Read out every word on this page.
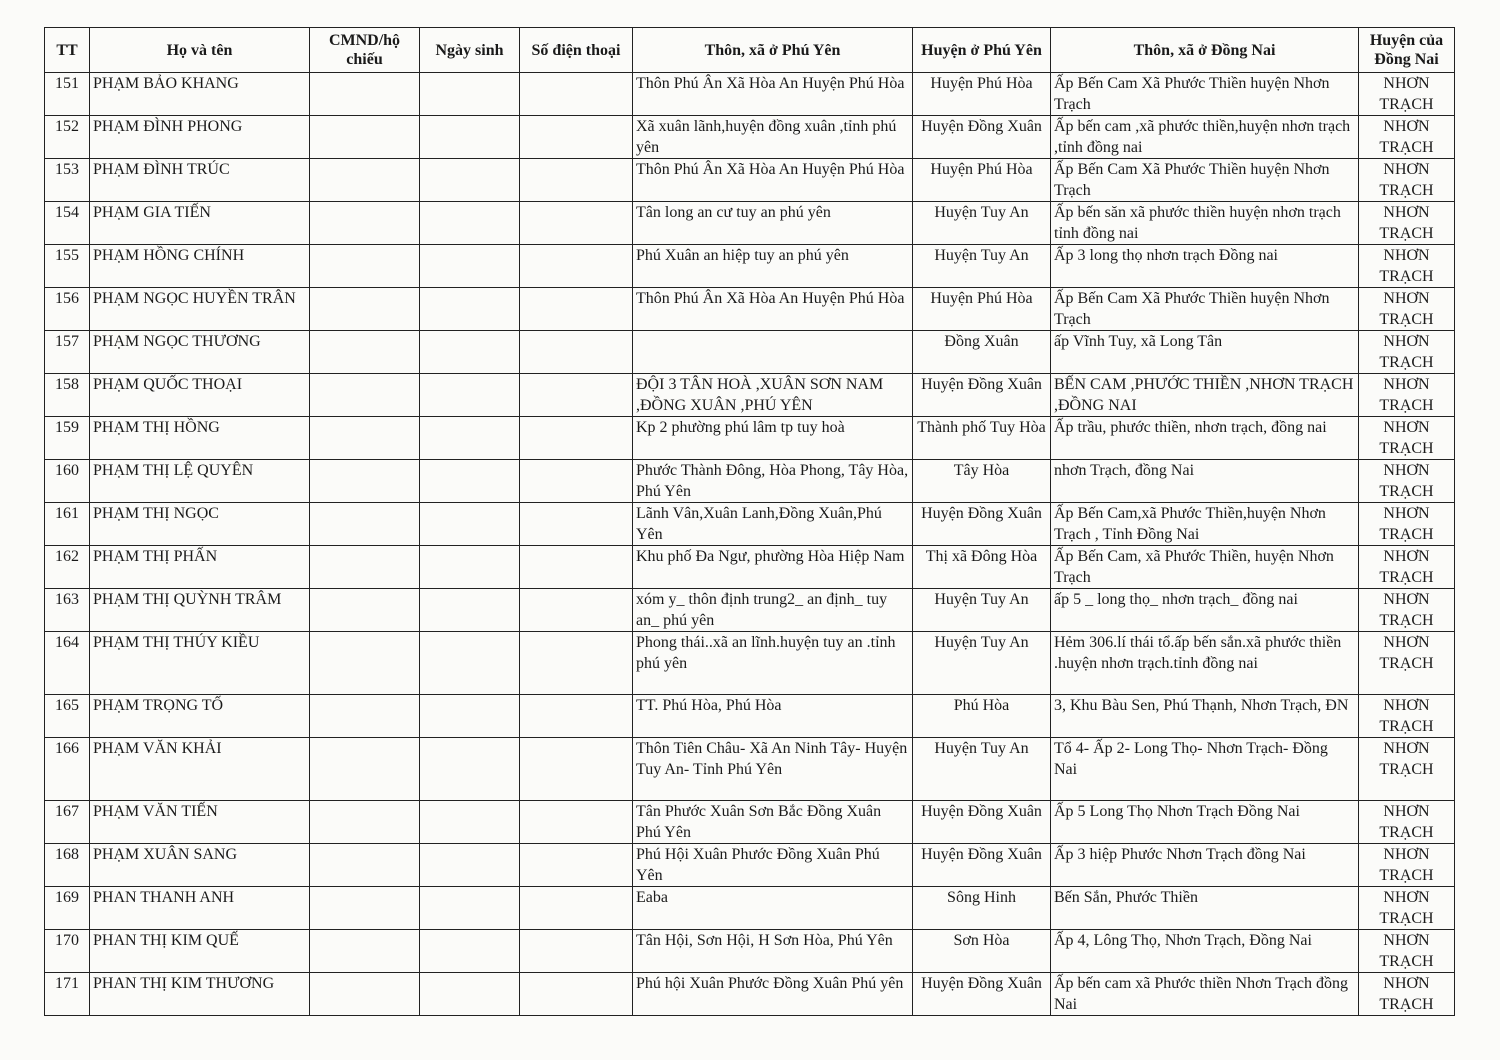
TT	Họ và tên	CMND/hộ chiếu	Ngày sinh	Số điện thoại	Thôn, xã ở Phú Yên	Huyện ở Phú Yên	Thôn, xã ở Đồng Nai	Huyện của Đồng Nai
151	PHẠM BẢO KHANG				Thôn Phú Ân Xã Hòa An Huyện Phú Hòa	Huyện Phú Hòa	Ấp Bến Cam Xã Phước Thiền huyện Nhơn Trạch	NHƠN TRẠCH
152	PHẠM ĐÌNH PHONG				Xã xuân lãnh,huyện đồng xuân ,tỉnh phú yên	Huyện Đồng Xuân	Ấp bến cam ,xã phước thiền,huyện nhơn trạch ,tỉnh đồng nai	NHƠN TRẠCH
153	PHẠM ĐÌNH TRÚC				Thôn Phú Ân Xã Hòa An Huyện Phú Hòa	Huyện Phú Hòa	Ấp Bến Cam Xã Phước Thiền huyện Nhơn Trạch	NHƠN TRẠCH
154	PHẠM GIA TIẾN				Tân long an cư tuy an phú yên	Huyện Tuy An	Ấp bến săn xã phước thiền huyện nhơn trạch tỉnh đồng nai	NHƠN TRẠCH
155	PHẠM HỒNG CHÍNH				Phú Xuân an hiệp tuy an phú yên	Huyện Tuy An	Ấp 3 long thọ nhơn trạch Đồng nai	NHƠN TRẠCH
156	PHẠM NGỌC HUYỀN TRÂN				Thôn Phú Ân Xã Hòa An Huyện Phú Hòa	Huyện Phú Hòa	Ấp Bến Cam Xã Phước Thiền huyện Nhơn Trạch	NHƠN TRẠCH
157	PHẠM NGỌC THƯƠNG					Đồng Xuân	ấp Vĩnh Tuy, xã Long Tân	NHƠN TRẠCH
158	PHẠM QUỐC THOẠI				ĐỘI 3 TÂN HOÀ ,XUÂN SƠN NAM ,ĐỒNG XUÂN ,PHÚ YÊN	Huyện Đồng Xuân	BẾN CAM ,PHƯỚC THIỀN ,NHƠN TRẠCH ,ĐỒNG NAI	NHƠN TRẠCH
159	PHẠM THỊ HỒNG				Kp 2 phường phú lâm tp tuy hoà	Thành phố Tuy Hòa	Ấp trầu, phước thiền, nhơn trạch, đồng nai	NHƠN TRẠCH
160	PHẠM THỊ LỆ QUYÊN				Phước Thành Đông, Hòa Phong, Tây Hòa, Phú Yên	Tây Hòa	nhơn Trạch, đồng Nai	NHƠN TRẠCH
161	PHẠM THỊ NGỌC				Lãnh Vân,Xuân Lanh,Đồng Xuân,Phú Yên	Huyện Đồng Xuân	Ấp Bến Cam,xã Phước Thiền,huyện Nhơn Trạch , Tỉnh Đồng Nai	NHƠN TRẠCH
162	PHẠM THỊ PHẤN				Khu phố Đa Ngư, phường Hòa Hiệp Nam	Thị xã Đông Hòa	Ấp Bến Cam, xã Phước Thiền, huyện Nhơn Trạch	NHƠN TRẠCH
163	PHẠM THỊ QUỲNH TRÂM				xóm y_ thôn định trung2_ an định_ tuy an_ phú yên	Huyện Tuy An	ấp 5 _ long thọ_ nhơn trạch_ đồng nai	NHƠN TRẠCH
164	PHẠM THỊ THÚY KIỀU				Phong thái..xã an lĩnh.huyện tuy an .tỉnh phú yên	Huyện Tuy An	Hẻm 306.lí thái tổ.ấp bến sắn.xã phước thiền .huyện nhơn trạch.tỉnh đồng nai	NHƠN TRẠCH
165	PHẠM TRỌNG TỐ				TT. Phú Hòa, Phú Hòa	Phú Hòa	3, Khu Bàu Sen, Phú Thạnh, Nhơn Trạch, ĐN	NHƠN TRẠCH
166	PHẠM VĂN KHẢI				Thôn Tiên Châu- Xã An Ninh Tây- Huyện Tuy An- Tỉnh Phú Yên	Huyện Tuy An	Tổ 4- Ấp 2- Long Thọ- Nhơn Trạch- Đồng Nai	NHƠN TRẠCH
167	PHẠM VĂN TIẾN				Tân Phước Xuân Sơn Bắc Đồng Xuân Phú Yên	Huyện Đồng Xuân	Ấp 5 Long Thọ Nhơn Trạch Đồng Nai	NHƠN TRẠCH
168	PHẠM XUÂN SANG				Phú Hội Xuân Phước Đồng Xuân Phú Yên	Huyện Đồng Xuân	Ấp 3 hiệp Phước Nhơn Trạch đồng Nai	NHƠN TRẠCH
169	PHAN THANH ANH				Eaba	Sông Hinh	Bến Sắn, Phước Thiền	NHƠN TRẠCH
170	PHAN THỊ KIM QUẾ				Tân Hội, Sơn Hội, H Sơn Hòa, Phú Yên	Sơn Hòa	Ấp 4, Lông Thọ, Nhơn Trạch, Đồng Nai	NHƠN TRẠCH
171	PHAN THỊ KIM THƯƠNG				Phú hội Xuân Phước Đồng Xuân Phú yên	Huyện Đồng Xuân	Ấp bến cam xã Phước thiền Nhơn Trạch đồng Nai	NHƠN TRẠCH
